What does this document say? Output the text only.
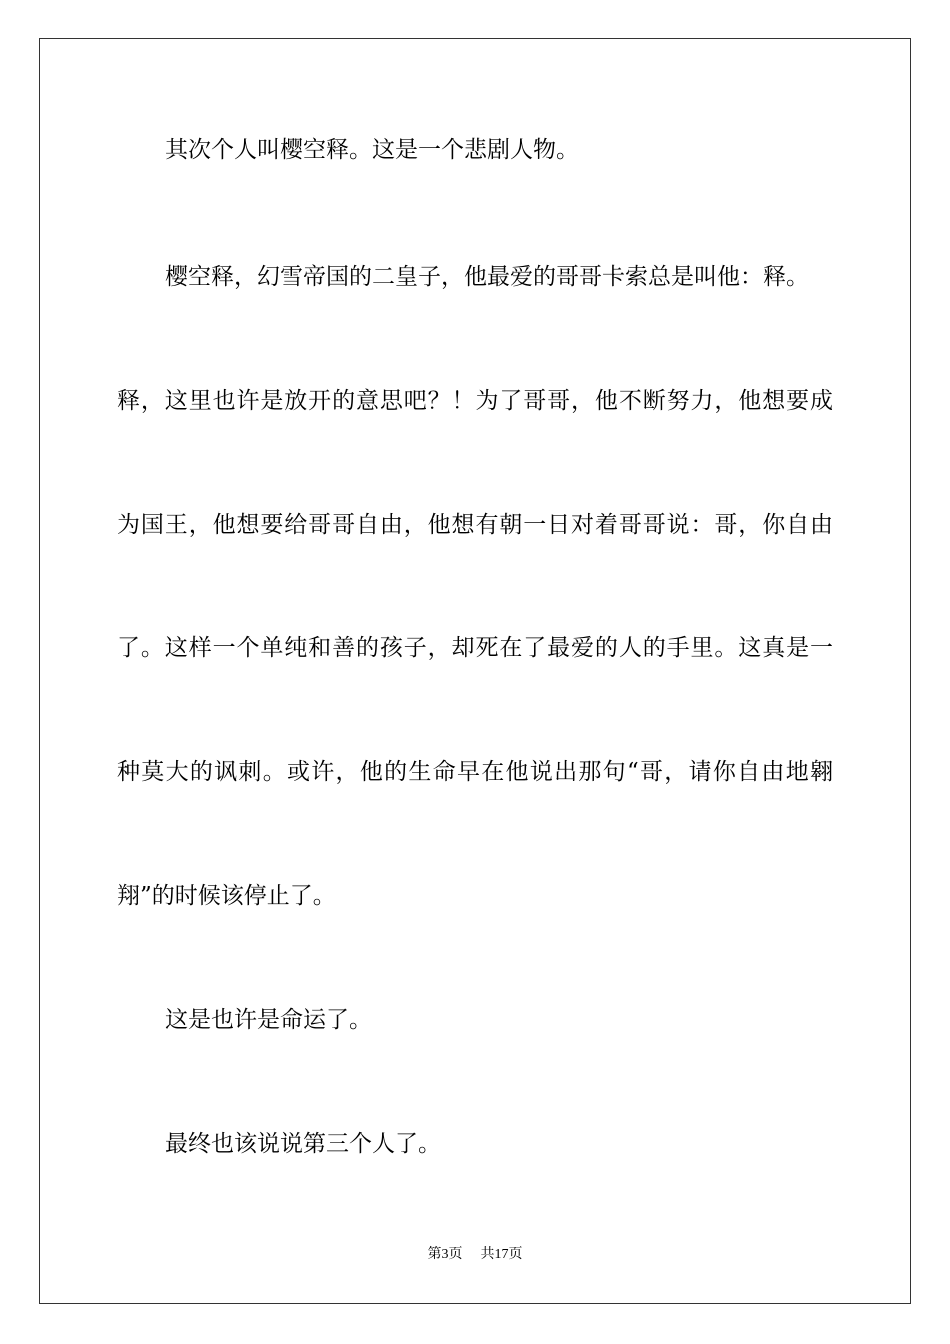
其次个人叫樱空释。这是一个悲剧人物。
樱空释，幻雪帝国的二皇子，他最爱的哥哥卡索总是叫他：释。
释，这里也许是放开的意思吧？！为了哥哥，他不断努力，他想要成
为国王，他想要给哥哥自由，他想有朝一日对着哥哥说：哥，你自由
了。这样一个单纯和善的孩子，却死在了最爱的人的手里。这真是一
种莫大的讽刺。或许，他的生命早在他说出那句“哥，请你自由地翱
翔”的时候该停止了。
这是也许是命运了。
最终也该说说第三个人了。
第3页 共17页
